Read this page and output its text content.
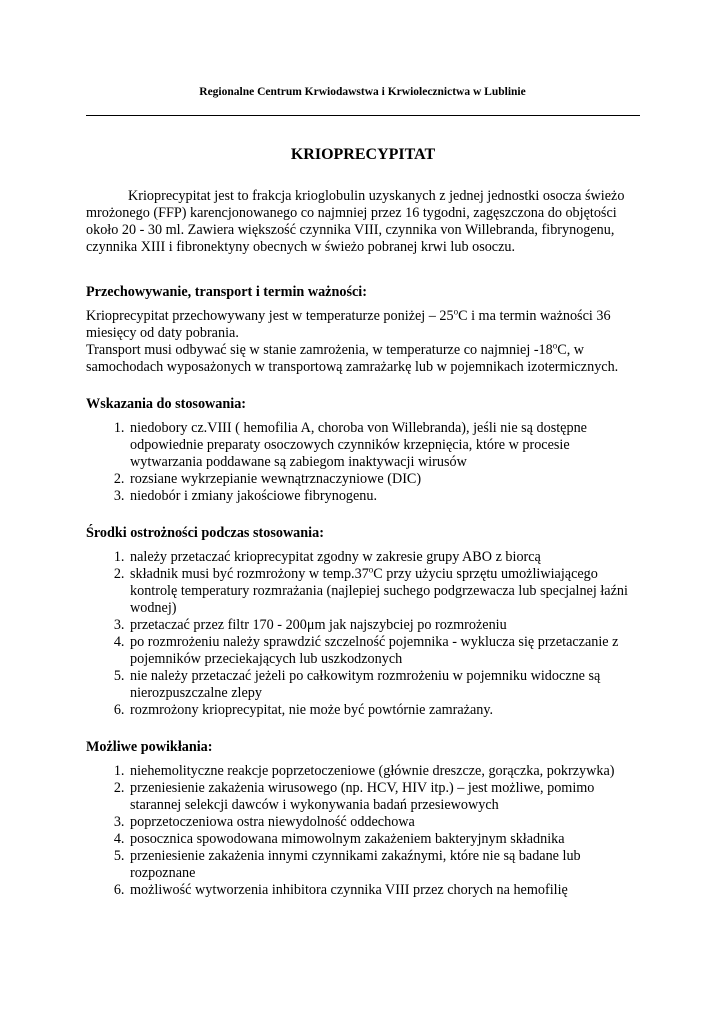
Regionalne Centrum Krwiodawstwa i Krwiolecznictwa w Lublinie
KRIOPRECYPITAT

Krioprecypitat jest to frakcja krioglobulin uzyskanych z jednej jednostki osocza świeżo mrożonego (FFP) karencjonowanego co najmniej przez 16 tygodni, zagęszczona do objętości około 20 - 30 ml. Zawiera większość czynnika VIII, czynnika von Willebranda, fibrynogenu, czynnika XIII i fibronektyny obecnych w świeżo pobranej krwi lub osoczu.

Przechowywanie, transport i termin ważności:

Krioprecypitat przechowywany jest w temperaturze poniżej – 25$^o$C i ma termin ważności 36 miesięcy od daty pobrania.

Transport musi odbywać się w stanie zamrożenia, w temperaturze co najmniej -18$^o$C, w samochodach wyposażonych w transportową zamrażarkę lub w pojemnikach izotermicznych.

Wskazania do stosowania:
1. niedobory cz.VIII ( hemofilia A, choroba von Willebranda), jeśli nie są dostępne odpowiednie preparaty osoczowych czynników krzepnięcia, które w procesie wytwarzania poddawane są zabiegom inaktywacji wirusów
2. rozsiane wykrzepianie wewnątrznaczyniowe (DIC)
3. niedobór i zmiany jakościowe fibrynogenu.
Środki ostrożności podczas stosowania:
1. należy przetaczać krioprecypitat zgodny w zakresie grupy ABO z biorcą
2. składnik musi być rozmrożony w temp.37$^o$C przy użyciu sprzętu umożliwiającego kontrolę temperatury rozmrażania (najlepiej suchego podgrzewacza lub specjalnej łaźni wodnej)
3. przetaczać przez filtr 170 - 200μm jak najszybciej po rozmrożeniu
4. po rozmrożeniu należy sprawdzić szczelność pojemnika - wyklucza się przetaczanie z pojemników przeciekających lub uszkodzonych
5. nie należy przetaczać jeżeli po całkowitym rozmrożeniu w pojemniku widoczne są nierozpuszczalne zlepy
6. rozmrożony krioprecypitat, nie może być powtórnie zamrażany.
Możliwe powikłania:
1. niehemolityczne reakcje poprzetoczeniowe (głównie dreszcze, gorączka, pokrzywka)
2. przeniesienie zakażenia wirusowego (np. HCV, HIV itp.) – jest możliwe, pomimo starannej selekcji dawców i wykonywania badań przesiewowych
3. poprzetoczeniowa ostra niewydolność oddechowa
4. posocznica spowodowana mimowolnym zakażeniem bakteryjnym składnika
5. przeniesienie zakażenia innymi czynnikami zakaźnymi, które nie są badane lub rozpoznane
6. możliwość wytworzenia inhibitora czynnika VIII przez chorych na hemofilię
